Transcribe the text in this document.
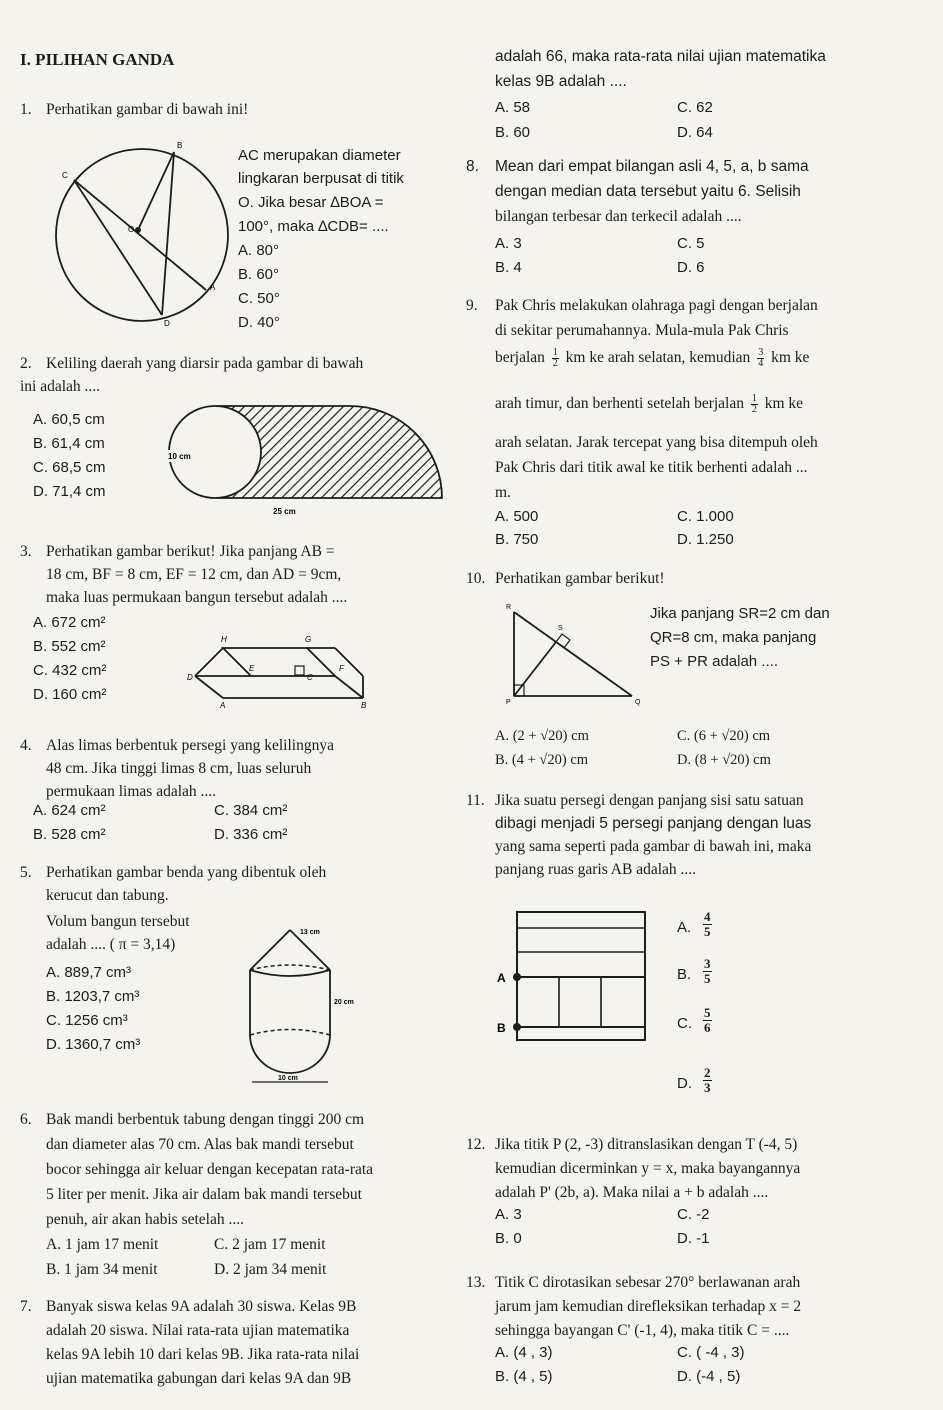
I. PILIHAN GANDA
1. Perhatikan gambar di bawah ini!
B
C
O
A
D
AC merupakan diameter
lingkaran berpusat di titik
O. Jika besar ∆BOA =
100°, maka ∆CDB= ....
A. 80°
B. 60°
C. 50°
D. 40°
2. Keliling daerah yang diarsir pada gambar di bawah
ini adalah ....
A. 60,5 cm
B. 61,4 cm
C. 68,5 cm
D. 71,4 cm
10 cm
25 cm
3. Perhatikan gambar berikut! Jika panjang AB =
18 cm, BF = 8 cm, EF = 12 cm, dan AD = 9cm,
maka luas permukaan bangun tersebut adalah ....
A. 672 cm²
B. 552 cm²
C. 432 cm²
D. 160 cm²
H	G
E	F
D	C
A	B
4. Alas limas berbentuk persegi yang kelilingnya
48 cm. Jika tinggi limas 8 cm, luas seluruh
permukaan limas adalah ....
A. 624 cm²
B. 528 cm²
C. 384 cm²
D. 336 cm²
5. Perhatikan gambar benda yang dibentuk oleh
kerucut dan tabung.
Volum bangun tersebut
adalah .... ( π = 3,14)
A. 889,7 cm³
B. 1203,7 cm³
C. 1256 cm³
D. 1360,7 cm³
13 cm
20 cm
10 cm
6. Bak mandi berbentuk tabung dengan tinggi 200 cm
dan diameter alas 70 cm. Alas bak mandi tersebut
bocor sehingga air keluar dengan kecepatan rata-rata
5 liter per menit. Jika air dalam bak mandi tersebut
penuh, air akan habis setelah ....
A. 1 jam 17 menit
B. 1 jam 34 menit
C. 2 jam 17 menit
D. 2 jam 34 menit
7. Banyak siswa kelas 9A adalah 30 siswa. Kelas 9B
adalah 20 siswa. Nilai rata-rata ujian matematika
kelas 9A lebih 10 dari kelas 9B. Jika rata-rata nilai
ujian matematika gabungan dari kelas 9A dan 9B
adalah 66, maka rata-rata nilai ujian matematika
kelas 9B adalah ....
A. 58
B. 60
C. 62
D. 64
8. Mean dari empat bilangan asli 4, 5, a, b sama
dengan median data tersebut yaitu 6. Selisih
bilangan terbesar dan terkecil adalah ....
A. 3
B. 4
C. 5
D. 6
9. Pak Chris melakukan olahraga pagi dengan berjalan
di sekitar perumahannya. Mula-mula Pak Chris
berjalan $\frac{1}{2}$ km ke arah selatan, kemudian $\frac{3}{4}$ km ke
arah timur, dan berhenti setelah berjalan $\frac{1}{2}$ km ke
arah selatan. Jarak tercepat yang bisa ditempuh oleh
Pak Chris dari titik awal ke titik berhenti adalah ...
m.
A. 500
B. 750
C. 1.000
D. 1.250
10. Perhatikan gambar berikut!
R
S
P	Q
Jika panjang SR=2 cm dan
QR=8 cm, maka panjang
PS + PR adalah ....
A. (2 + √20) cm
B. (4 + √20) cm
C. (6 + √20) cm
D. (8 + √20) cm
11. Jika suatu persegi dengan panjang sisi satu satuan
dibagi menjadi 5 persegi panjang dengan luas
yang sama seperti pada gambar di bawah ini, maka
panjang ruas garis AB adalah ....
A
B
A. $\frac{4}{5}$
B. $\frac{3}{5}$
C. $\frac{5}{6}$
D. $\frac{2}{3}$
12. Jika titik P (2, -3) ditranslasikan dengan T (-4, 5)
kemudian dicerminkan y = x, maka bayangannya
adalah P' (2b, a). Maka nilai a + b adalah ....
A. 3
B. 0
C. -2
D. -1
13. Titik C dirotasikan sebesar 270° berlawanan arah
jarum jam kemudian direfleksikan terhadap x = 2
sehingga bayangan C' (-1, 4), maka titik C = ....
A. (4 , 3)
B. (4 , 5)
C. ( -4 , 3)
D. (-4 , 5)
